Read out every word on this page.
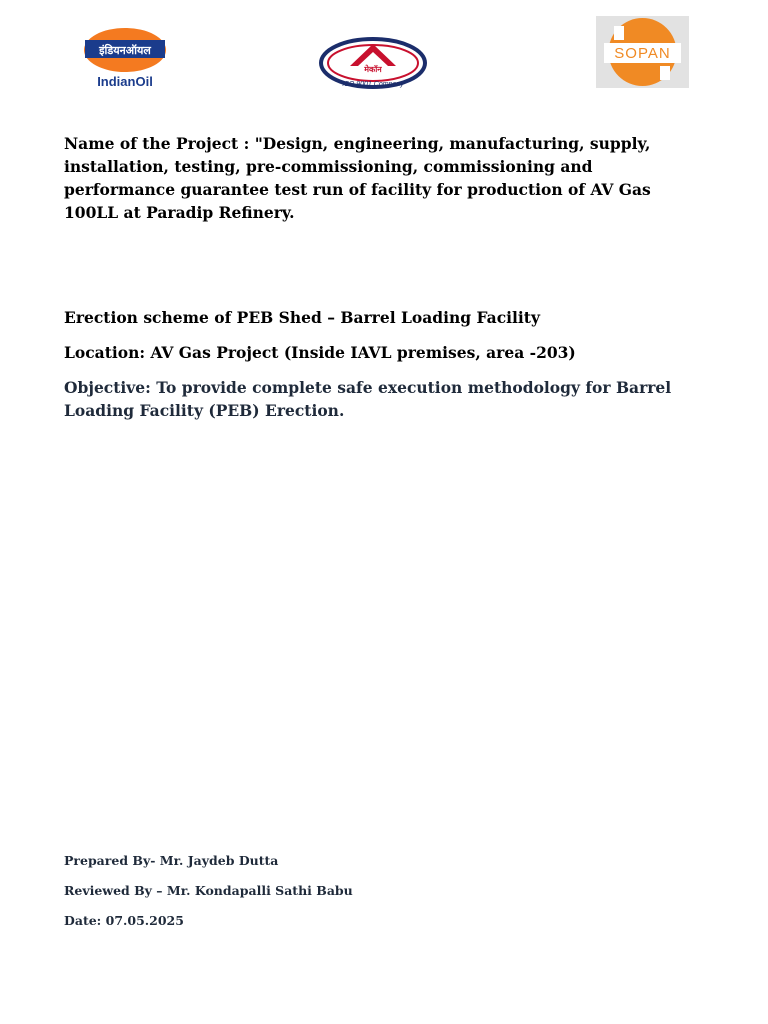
इंडियनऑयल
IndianOil
मेकॉन
ISO 9001 Company
SOPAN

Name of the Project : "Design, engineering, manufacturing, supply, installation, testing, pre-commissioning, commissioning and performance guarantee test run of facility for production of AV Gas 100LL at Paradip Refinery.

Erection scheme of PEB Shed – Barrel Loading Facility

Location: AV Gas Project (Inside IAVL premises, area -203)

Objective: To provide complete safe execution methodology for Barrel Loading Facility (PEB) Erection.

Prepared By- Mr. Jaydeb Dutta

Reviewed By – Mr. Kondapalli Sathi Babu

Date: 07.05.2025
